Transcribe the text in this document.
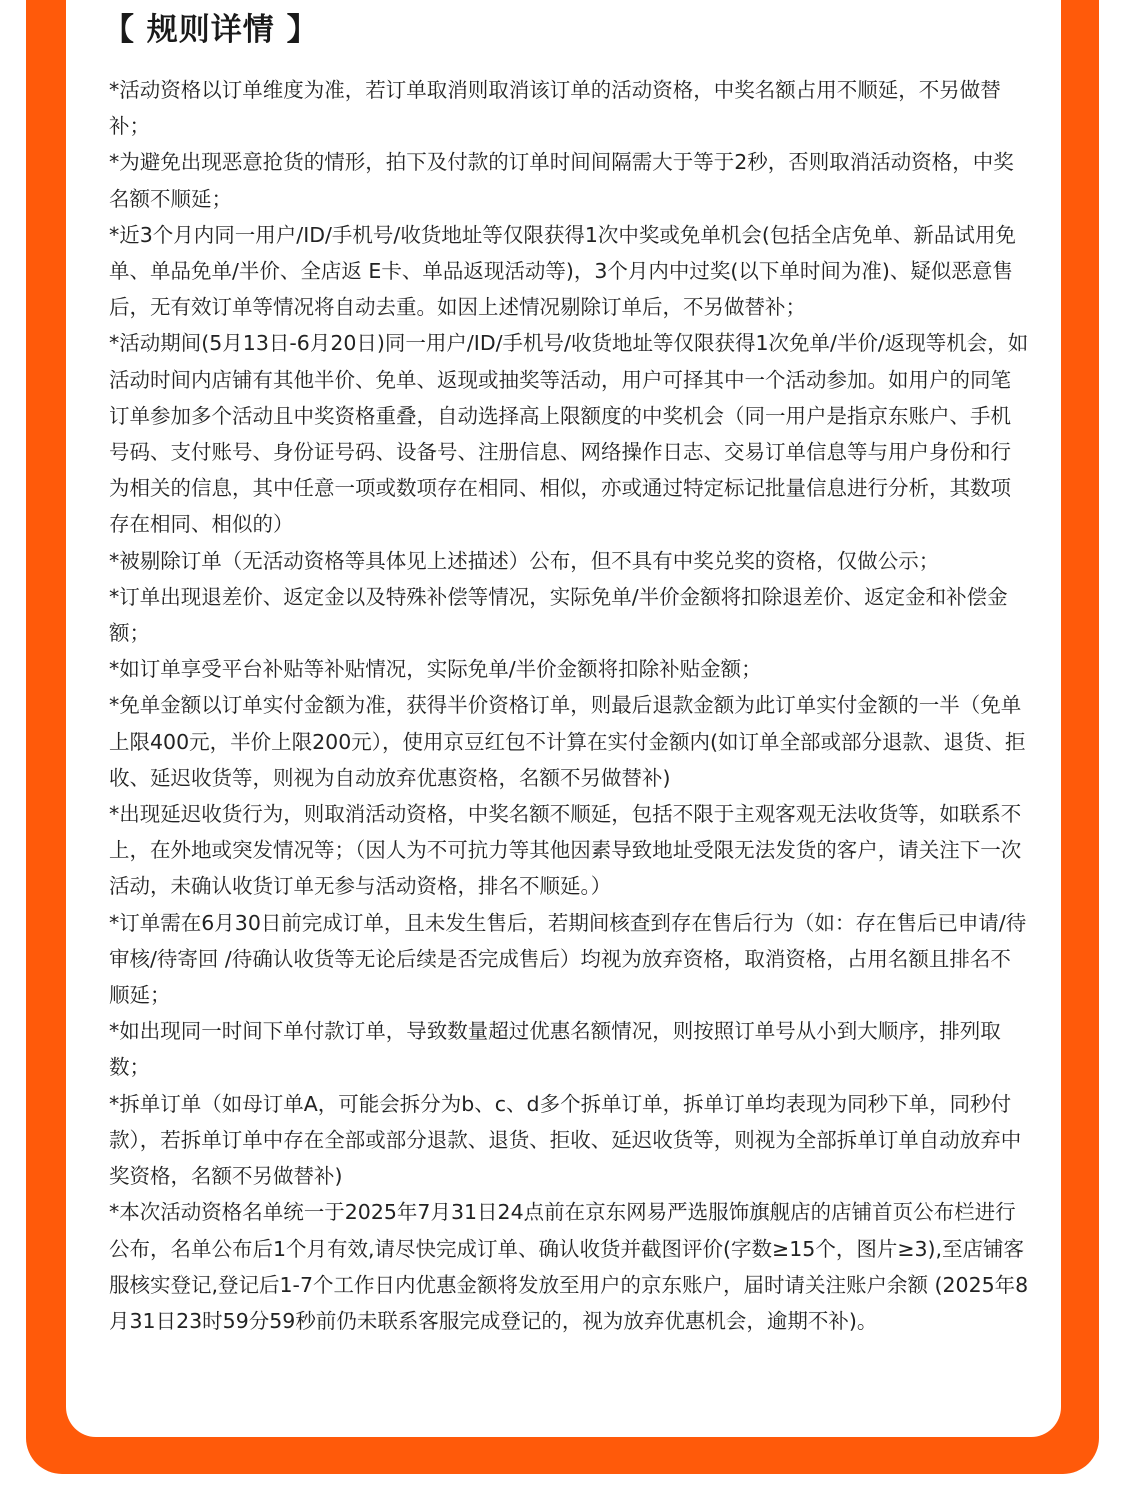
【 规则详情 】
*活动资格以订单维度为准，若订单取消则取消该订单的活动资格，中奖名额占用不顺延，不另做替补；
*为避免出现恶意抢货的情形，拍下及付款的订单时间间隔需大于等于2秒，否则取消活动资格，中奖名额不顺延；
*近3个月内同一用户/ID/手机号/收货地址等仅限获得1次中奖或免单机会(包括全店免单、新品试用免单、单品免单/半价、全店返 E卡、单品返现活动等)，3个月内中过奖(以下单时间为准)、疑似恶意售后，无有效订单等情况将自动去重。如因上述情况剔除订单后，不另做替补；
*活动期间(5月13日-6月20日)同一用户/ID/手机号/收货地址等仅限获得1次免单/半价/返现等机会，如活动时间内店铺有其他半价、免单、返现或抽奖等活动，用户可择其中一个活动参加。如用户的同笔订单参加多个活动且中奖资格重叠，自动选择高上限额度的中奖机会（同一用户是指京东账户、手机号码、支付账号、身份证号码、设备号、注册信息、网络操作日志、交易订单信息等与用户身份和行为相关的信息，其中任意一项或数项存在相同、相似，亦或通过特定标记批量信息进行分析，其数项存在相同、相似的）
*被剔除订单（无活动资格等具体见上述描述）公布，但不具有中奖兑奖的资格，仅做公示；
*订单出现退差价、返定金以及特殊补偿等情况，实际免单/半价金额将扣除退差价、返定金和补偿金额；
*如订单享受平台补贴等补贴情况，实际免单/半价金额将扣除补贴金额；
*免单金额以订单实付金额为准，获得半价资格订单，则最后退款金额为此订单实付金额的一半（免单上限400元，半价上限200元），使用京豆红包不计算在实付金额内(如订单全部或部分退款、退货、拒收、延迟收货等，则视为自动放弃优惠资格，名额不另做替补)
*出现延迟收货行为，则取消活动资格，中奖名额不顺延，包括不限于主观客观无法收货等，如联系不上，在外地或突发情况等；（因人为不可抗力等其他因素导致地址受限无法发货的客户，请关注下一次活动，未确认收货订单无参与活动资格，排名不顺延。）
*订单需在6月30日前完成订单，且未发生售后，若期间核查到存在售后行为（如：存在售后已申请/待审核/待寄回 /待确认收货等无论后续是否完成售后）均视为放弃资格，取消资格，占用名额且排名不顺延；
*如出现同一时间下单付款订单，导致数量超过优惠名额情况，则按照订单号从小到大顺序，排列取数；
*拆单订单（如母订单A，可能会拆分为b、c、d多个拆单订单，拆单订单均表现为同秒下单，同秒付款），若拆单订单中存在全部或部分退款、退货、拒收、延迟收货等，则视为全部拆单订单自动放弃中奖资格，名额不另做替补)
*本次活动资格名单统一于2025年7月31日24点前在京东网易严选服饰旗舰店的店铺首页公布栏进行公布，名单公布后1个月有效,请尽快完成订单、确认收货并截图评价(字数≥15个，图片≥3),至店铺客服核实登记,登记后1-7个工作日内优惠金额将发放至用户的京东账户，届时请关注账户余额 (2025年8月31日23时59分59秒前仍未联系客服完成登记的，视为放弃优惠机会，逾期不补)。
